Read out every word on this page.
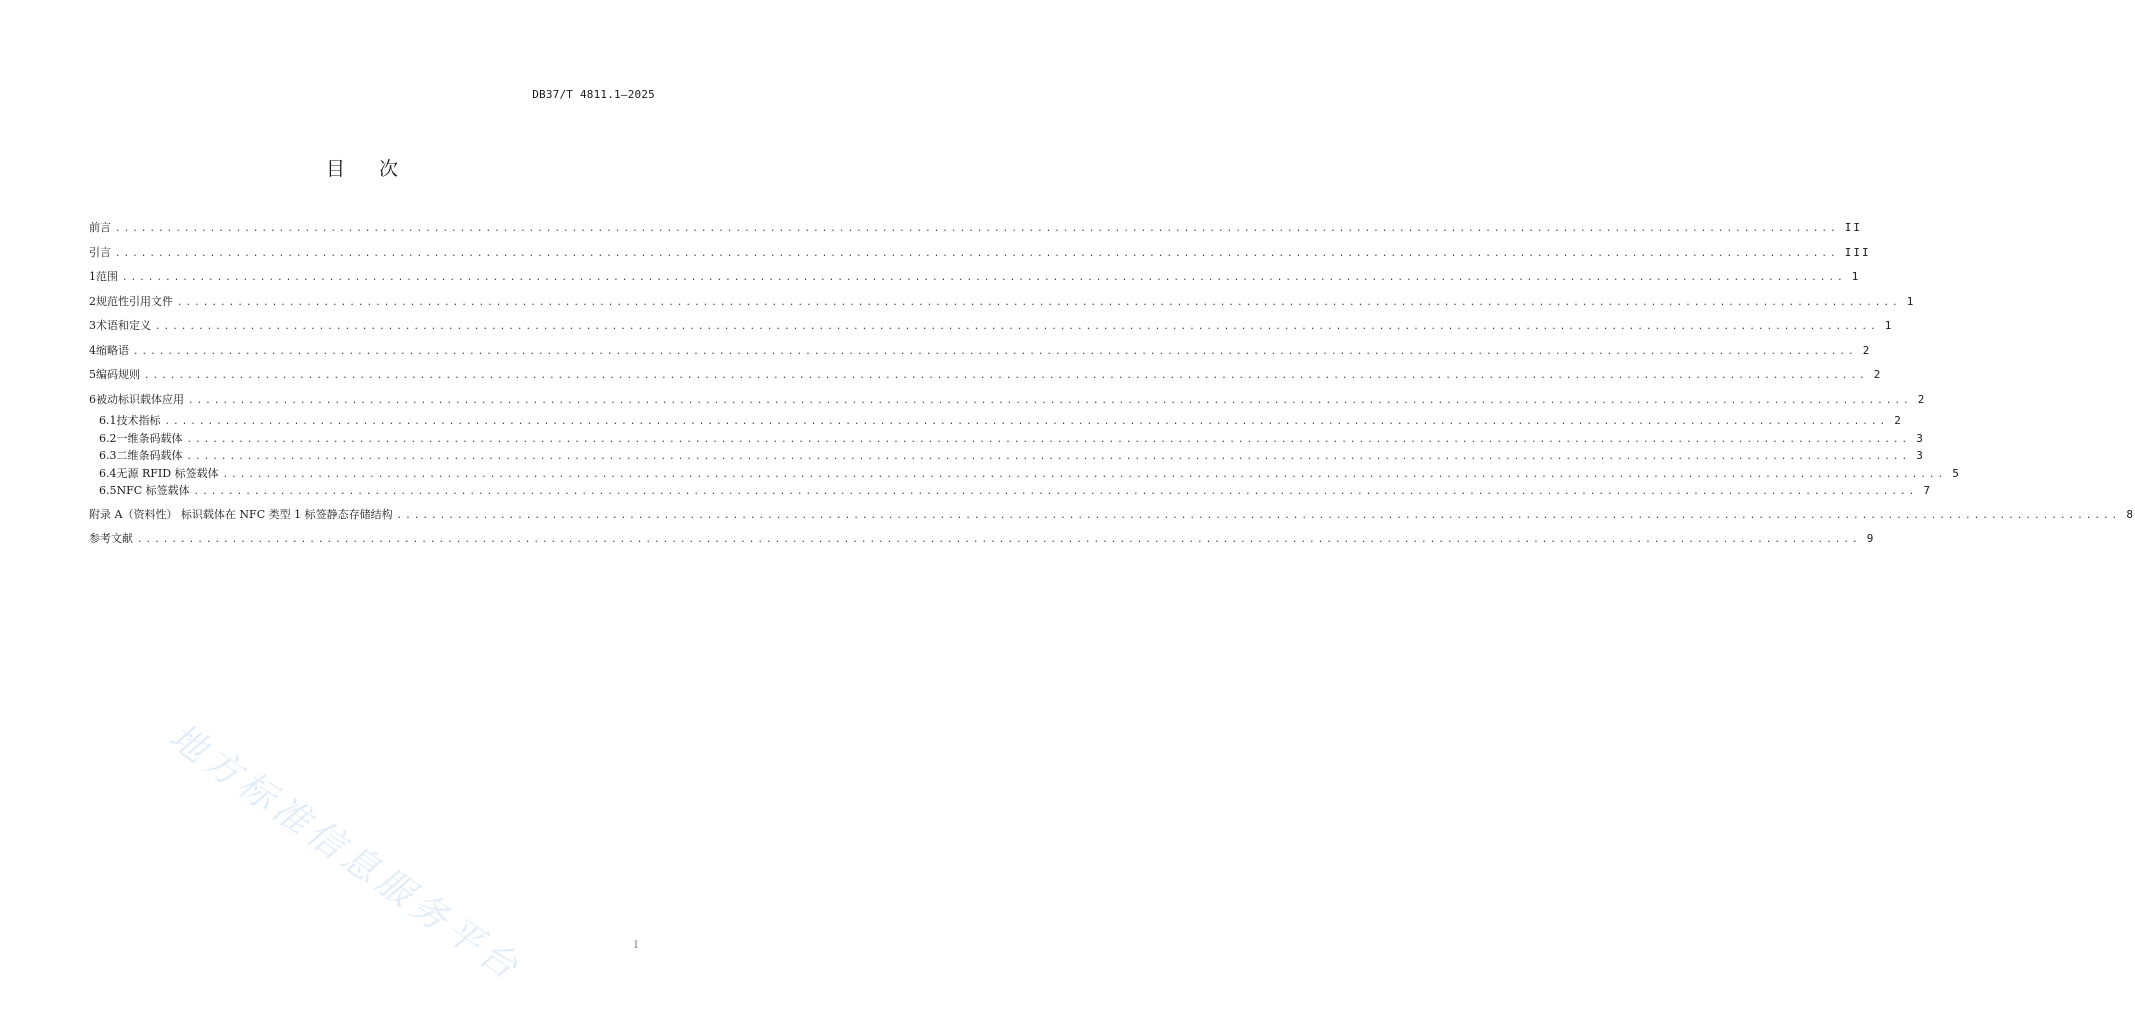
DB37/T 4811.1—2025
目 次
前言 ........................................................................................................................................................................................................ II
引言 ........................................................................................................................................................................................................ III
1 范围 ........................................................................................................................................................................................................ 1
2 规范性引用文件 ........................................................................................................................................................................................................ 1
3 术语和定义 ........................................................................................................................................................................................................ 1
4 缩略语 ........................................................................................................................................................................................................ 2
5 编码规则 ........................................................................................................................................................................................................ 2
6 被动标识载体应用 ........................................................................................................................................................................................................ 2
6.1 技术指标 ........................................................................................................................................................................................................ 2
6.2 一维条码载体 ........................................................................................................................................................................................................ 3
6.3 二维条码载体 ........................................................................................................................................................................................................ 3
6.4 无源 RFID 标签载体 ........................................................................................................................................................................................................ 5
6.5 NFC 标签载体 ........................................................................................................................................................................................................ 7
附录 A（资料性） 标识载体在 NFC 类型 1 标签静态存储结构 ........................................................................................................................................................................................................ 8
参考文献 ........................................................................................................................................................................................................ 9
地方标准信息服务平台	I
